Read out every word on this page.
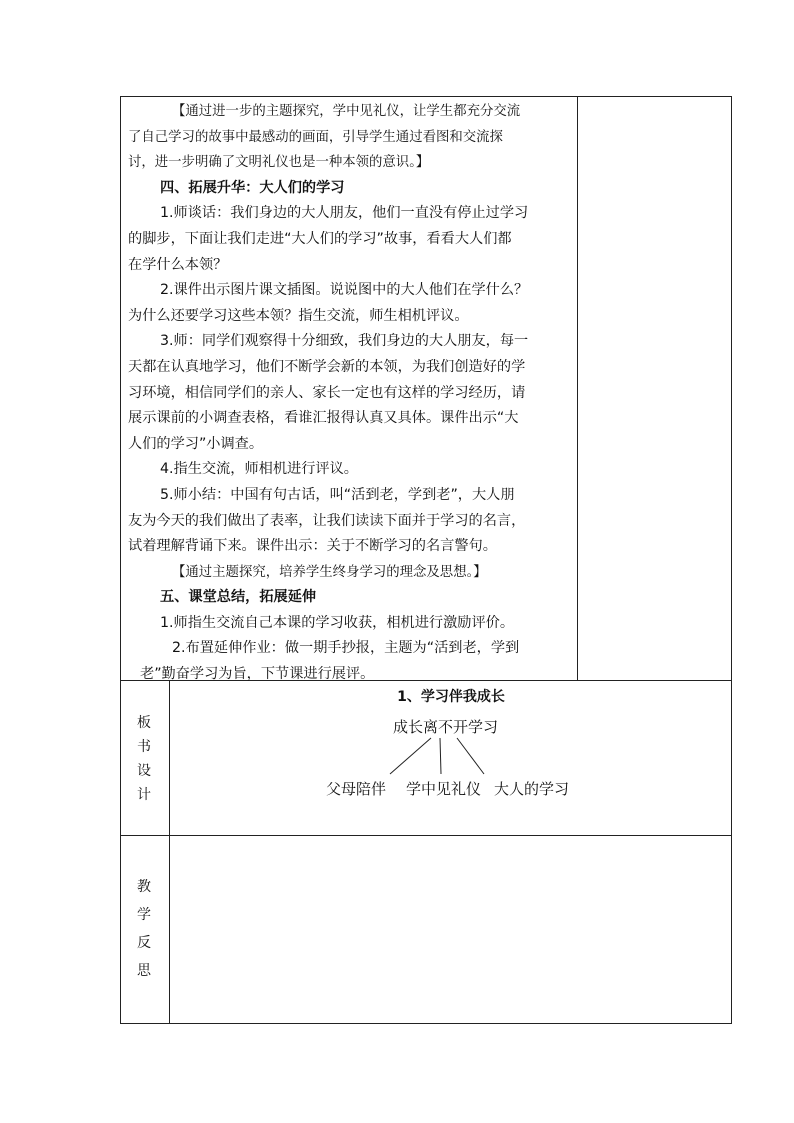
【通过进一步的主题探究，学中见礼仪，让学生都充分交流

了自己学习的故事中最感动的画面，引导学生通过看图和交流探

讨，进一步明确了文明礼仪也是一种本领的意识。】

四、拓展升华：大人们的学习

1.师谈话：我们身边的大人朋友，他们一直没有停止过学习

的脚步，下面让我们走进“大人们的学习”故事，看看大人们都

在学什么本领？

2.课件出示图片课文插图。说说图中的大人他们在学什么？

为什么还要学习这些本领？指生交流，师生相机评议。

3.师：同学们观察得十分细致，我们身边的大人朋友，每一

天都在认真地学习，他们不断学会新的本领，为我们创造好的学

习环境，相信同学们的亲人、家长一定也有这样的学习经历，请

展示课前的小调查表格，看谁汇报得认真又具体。课件出示“大

人们的学习”小调查。

4.指生交流，师相机进行评议。

5.师小结：中国有句古话，叫“活到老，学到老”，大人朋

友为今天的我们做出了表率，让我们读读下面并于学习的名言，

试着理解背诵下来。课件出示：关于不断学习的名言警句。

【通过主题探究，培养学生终身学习的理念及思想。】

五、课堂总结，拓展延伸

1.师指生交流自己本课的学习收获，相机进行激励评价。

2.布置延伸作业：做一期手抄报，主题为“活到老，学到

老”勤奋学习为旨，下节课进行展评。

板
书
设
计
1、学习伴我成长
成长离不开学习
父母陪伴 学中见礼仪 大人的学习
教
学
反
思
